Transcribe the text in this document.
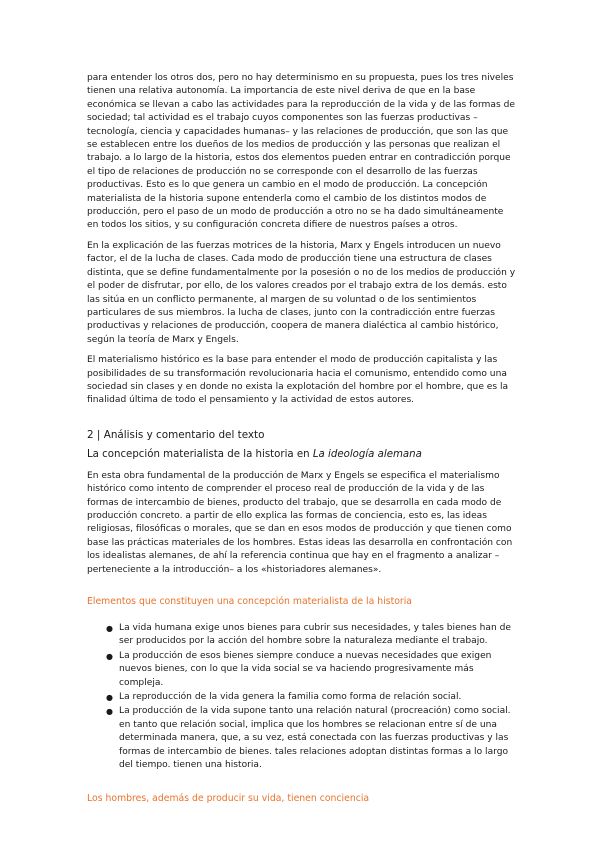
para entender los otros dos, pero no hay determinismo en su propuesta, pues los tres niveles tienen una relativa autonomía. La importancia de este nivel deriva de que en la base económica se llevan a cabo las actividades para la reproducción de la vida y de las formas de sociedad; tal actividad es el trabajo cuyos componentes son las fuerzas productivas –tecnología, ciencia y capacidades humanas– y las relaciones de producción, que son las que se establecen entre los dueños de los medios de producción y las personas que realizan el trabajo. a lo largo de la historia, estos dos elementos pueden entrar en contradicción porque el tipo de relaciones de producción no se corresponde con el desarrollo de las fuerzas productivas. Esto es lo que genera un cambio en el modo de producción. La concepción materialista de la historia supone entenderla como el cambio de los distintos modos de producción, pero el paso de un modo de producción a otro no se ha dado simultáneamente en todos los sitios, y su configuración concreta difiere de nuestros países a otros.

En la explicación de las fuerzas motrices de la historia, Marx y Engels introducen un nuevo factor, el de la lucha de clases. Cada modo de producción tiene una estructura de clases distinta, que se define fundamentalmente por la posesión o no de los medios de producción y el poder de disfrutar, por ello, de los valores creados por el trabajo extra de los demás. esto las sitúa en un conflicto permanente, al margen de su voluntad o de los sentimientos particulares de sus miembros. la lucha de clases, junto con la contradicción entre fuerzas productivas y relaciones de producción, coopera de manera dialéctica al cambio histórico, según la teoría de Marx y Engels.

El materialismo histórico es la base para entender el modo de producción capitalista y las posibilidades de su transformación revolucionaria hacia el comunismo, entendido como una sociedad sin clases y en donde no exista la explotación del hombre por el hombre, que es la finalidad última de todo el pensamiento y la actividad de estos autores.

2 | Análisis y comentario del texto
La concepción materialista de la historia en La ideología alemana

En esta obra fundamental de la producción de Marx y Engels se especifica el materialismo histórico como intento de comprender el proceso real de producción de la vida y de las formas de intercambio de bienes, producto del trabajo, que se desarrolla en cada modo de producción concreto. a partir de ello explica las formas de conciencia, esto es, las ideas religiosas, filosóficas o morales, que se dan en esos modos de producción y que tienen como base las prácticas materiales de los hombres. Estas ideas las desarrolla en confrontación con los idealistas alemanes, de ahí la referencia continua que hay en el fragmento a analizar –perteneciente a la introducción– a los «historiadores alemanes».

Elementos que constituyen una concepción materialista de la historia
● La vida humana exige unos bienes para cubrir sus necesidades, y tales bienes han de ser producidos por la acción del hombre sobre la naturaleza mediante el trabajo.
● La producción de esos bienes siempre conduce a nuevas necesidades que exigen nuevos bienes, con lo que la vida social se va haciendo progresivamente más compleja.
● La reproducción de la vida genera la familia como forma de relación social.
● La producción de la vida supone tanto una relación natural (procreación) como social. en tanto que relación social, implica que los hombres se relacionan entre sí de una determinada manera, que, a su vez, está conectada con las fuerzas productivas y las formas de intercambio de bienes. tales relaciones adoptan distintas formas a lo largo del tiempo. tienen una historia.
Los hombres, además de producir su vida, tienen conciencia
